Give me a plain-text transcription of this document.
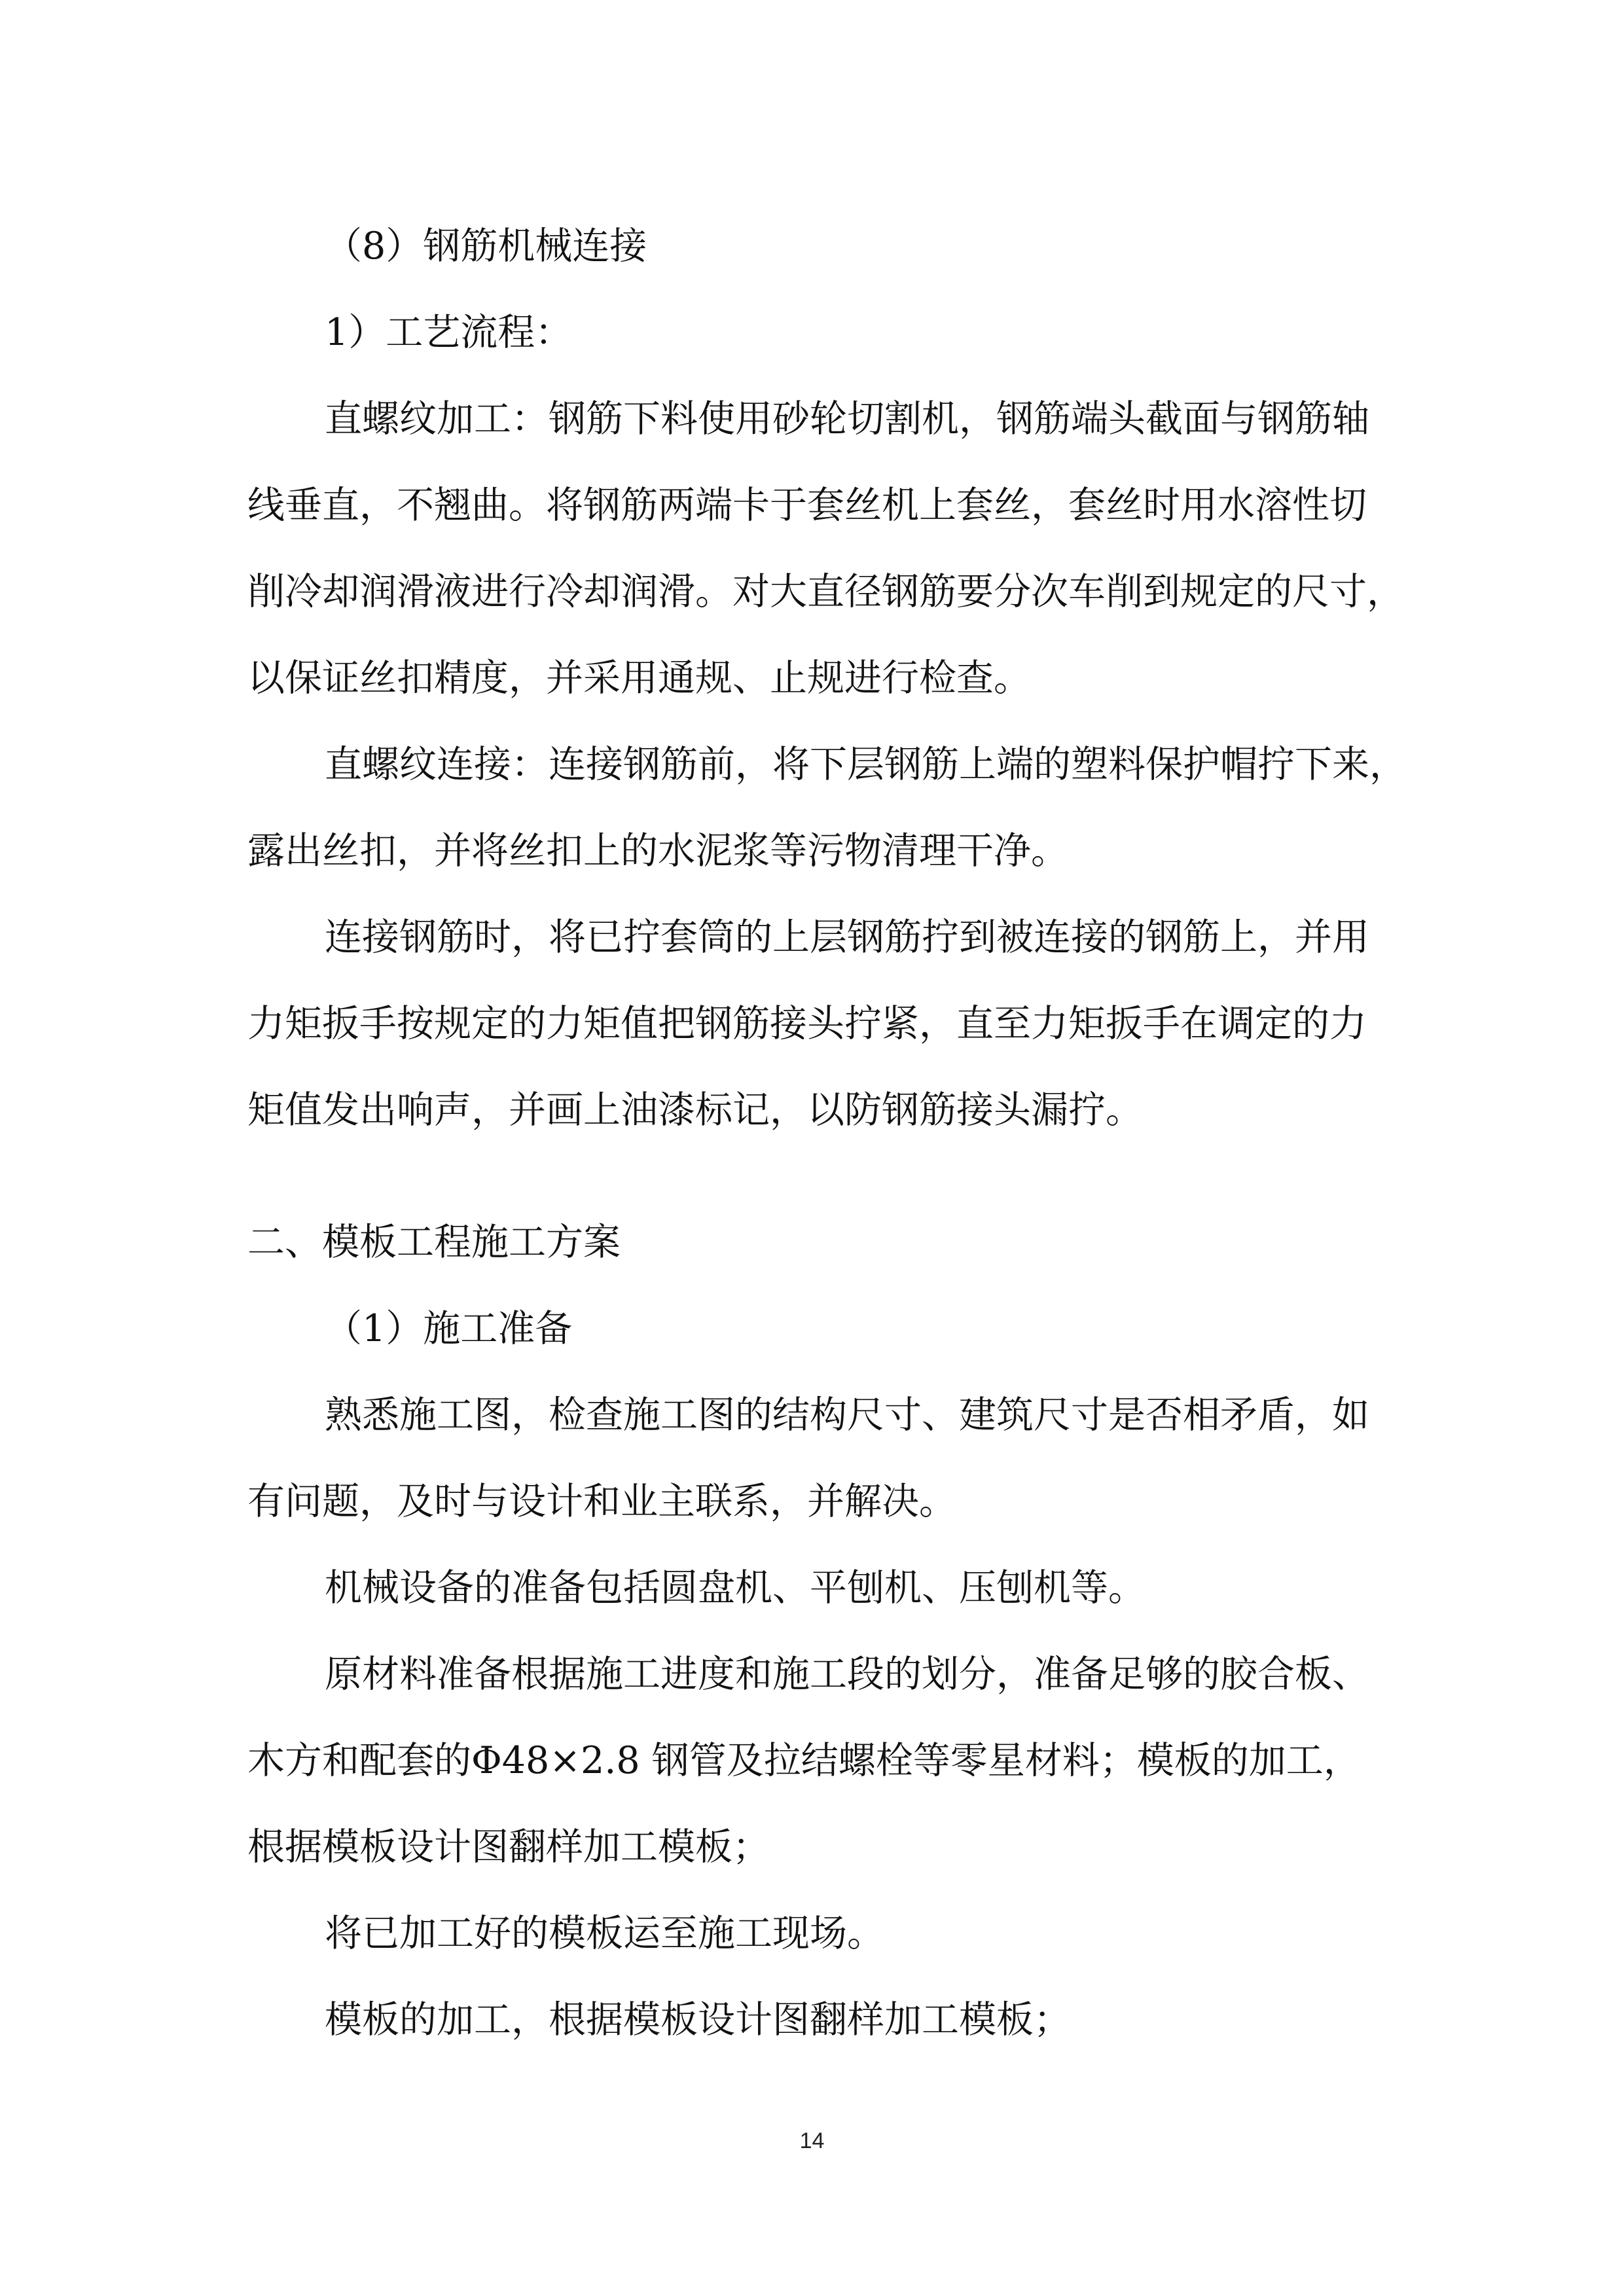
（8）钢筋机械连接

1）工艺流程：

直螺纹加工：钢筋下料使用砂轮切割机，钢筋端头截面与钢筋轴

线垂直，不翘曲。将钢筋两端卡于套丝机上套丝，套丝时用水溶性切

削冷却润滑液进行冷却润滑。对大直径钢筋要分次车削到规定的尺寸，

以保证丝扣精度，并采用通规、止规进行检查。

直螺纹连接：连接钢筋前，将下层钢筋上端的塑料保护帽拧下来，

露出丝扣，并将丝扣上的水泥浆等污物清理干净。

连接钢筋时，将已拧套筒的上层钢筋拧到被连接的钢筋上，并用

力矩扳手按规定的力矩值把钢筋接头拧紧，直至力矩扳手在调定的力

矩值发出响声，并画上油漆标记，以防钢筋接头漏拧。

二、模板工程施工方案

（1）施工准备

熟悉施工图，检查施工图的结构尺寸、建筑尺寸是否相矛盾，如

有问题，及时与设计和业主联系，并解决。

机械设备的准备包括圆盘机、平刨机、压刨机等。

原材料准备根据施工进度和施工段的划分，准备足够的胶合板、

木方和配套的Φ48×2.8 钢管及拉结螺栓等零星材料；模板的加工，

根据模板设计图翻样加工模板；

将已加工好的模板运至施工现场。

模板的加工，根据模板设计图翻样加工模板；

14
